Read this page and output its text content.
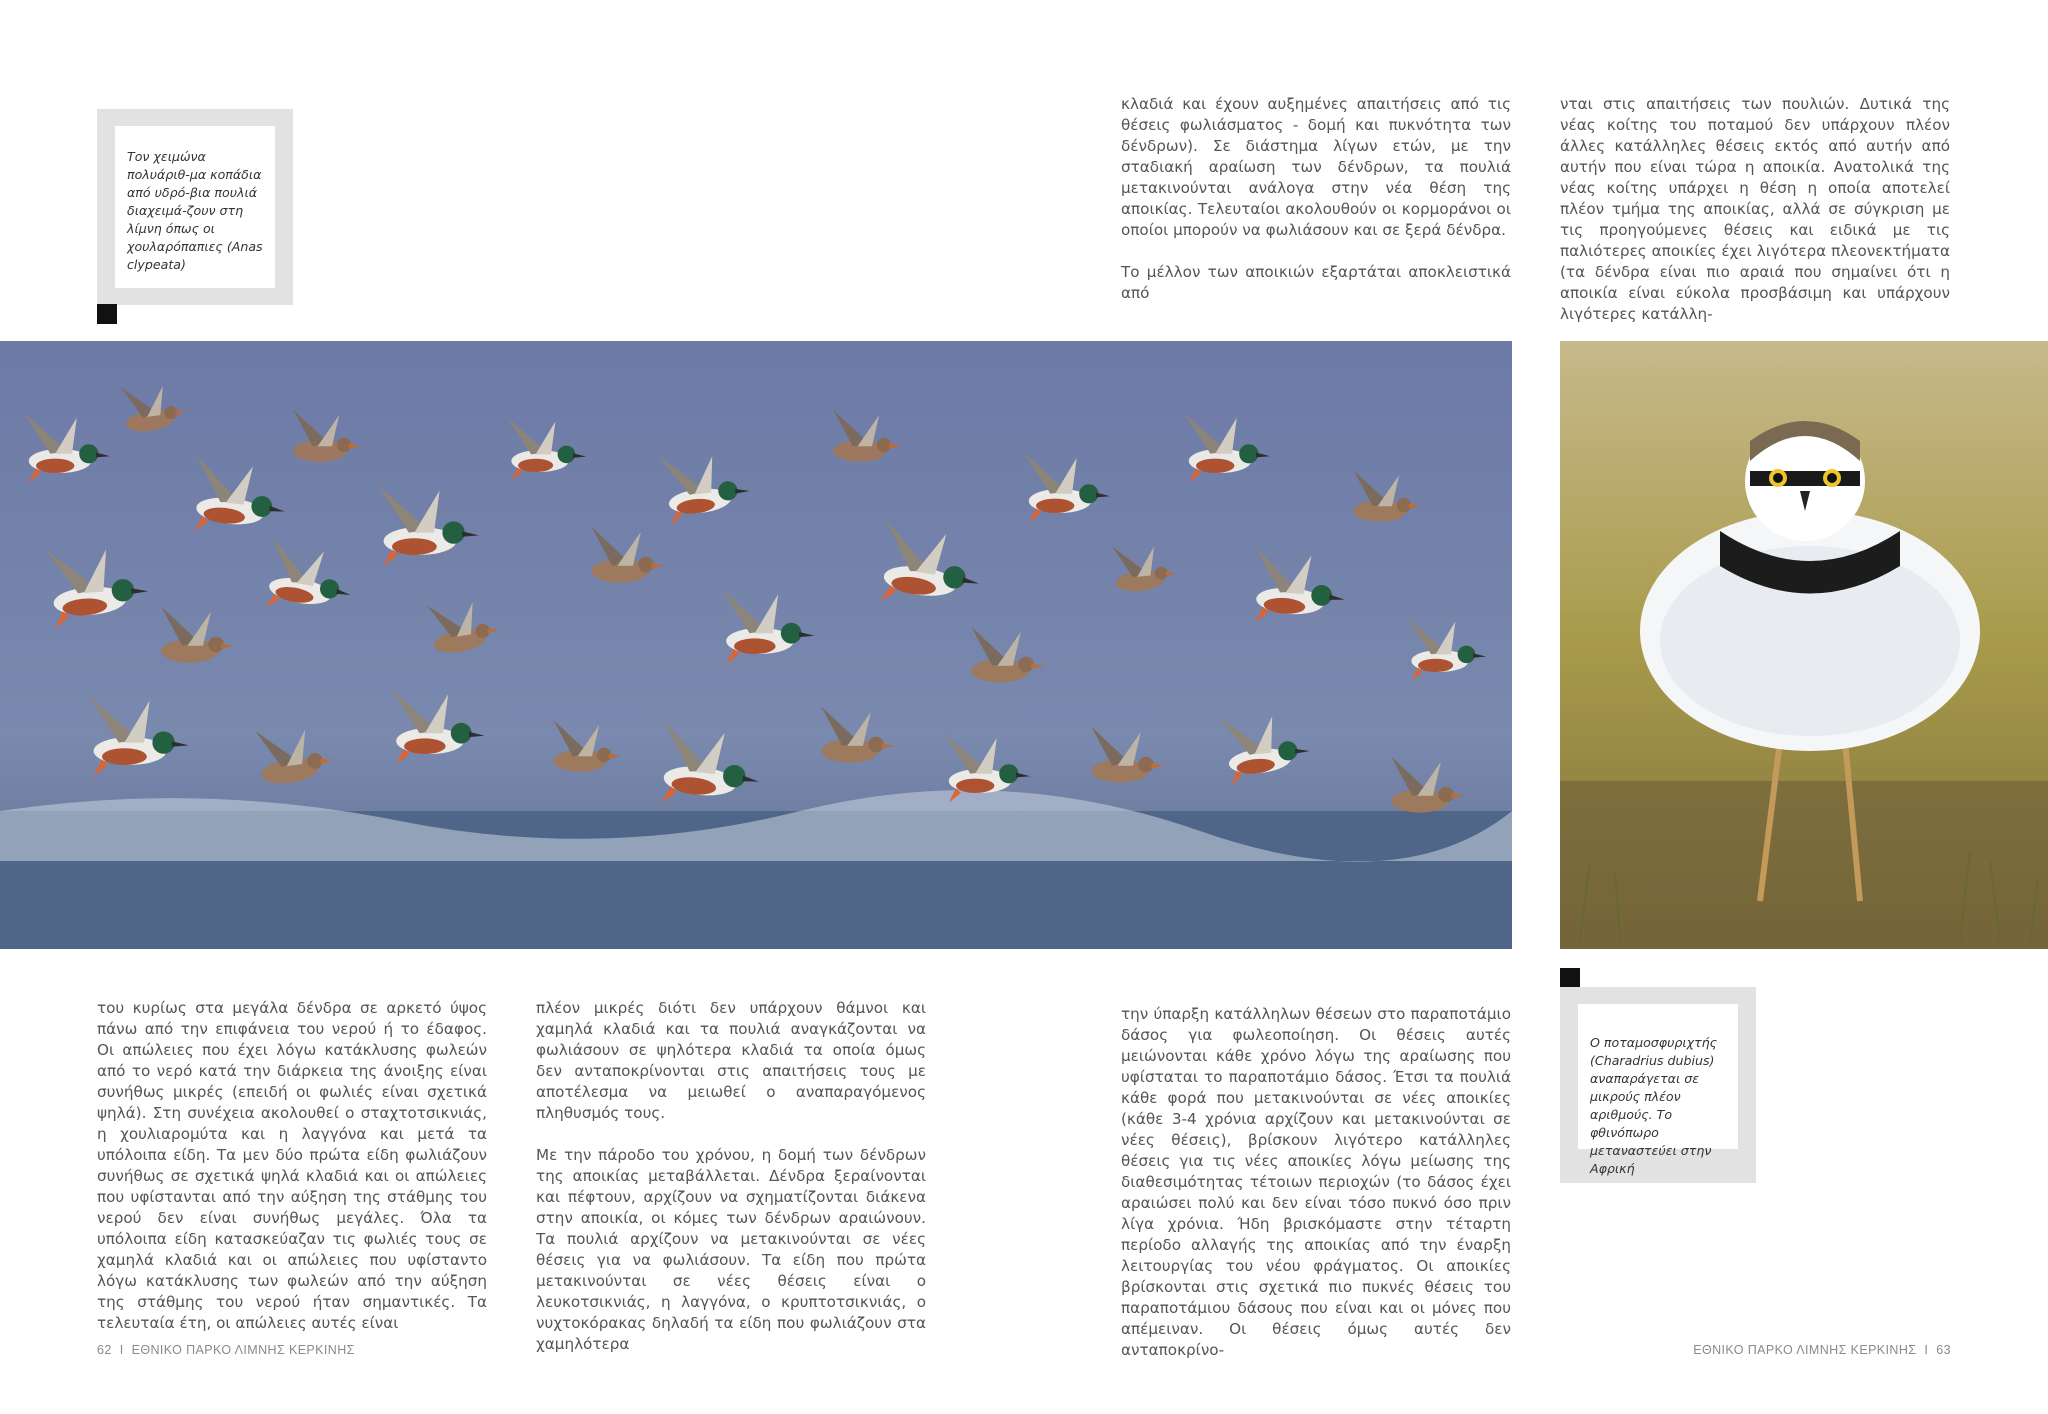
Τον χειμώνα πολυάριθ-μα κοπάδια από υδρό-βια πουλιά διαχειμά-ζουν στη λίμνη όπως οι χουλαρόπαπιες (Anas clypeata)

κλαδιά και έχουν αυξημένες απαιτήσεις από τις θέσεις φωλιάσματος - δομή και πυκνότητα των δένδρων). Σε διάστημα λίγων ετών, με την σταδιακή αραίωση των δένδρων, τα πουλιά μετακινούνται ανάλογα στην νέα θέση της αποικίας. Τελευταίοι ακολουθούν οι κορμοράνοι οι οποίοι μπορούν να φωλιάσουν και σε ξερά δένδρα.

Το μέλλον των αποικιών εξαρτάται αποκλειστικά από

νται στις απαιτήσεις των πουλιών. Δυτικά της νέας κοίτης του ποταμού δεν υπάρχουν πλέον άλλες κατάλληλες θέσεις εκτός από αυτήν από αυτήν που είναι τώρα η αποικία. Ανατολικά της νέας κοίτης υπάρχει η θέση η οποία αποτελεί πλέον τμήμα της αποικίας, αλλά σε σύγκριση με τις προηγούμενες θέσεις και ειδικά με τις παλιότερες αποικίες έχει λιγότερα πλεονεκτήματα (τα δένδρα είναι πιο αραιά που σημαίνει ότι η αποικία είναι εύκολα προσβάσιμη και υπάρχουν λιγότερες κατάλλη-

του κυρίως στα μεγάλα δένδρα σε αρκετό ύψος πάνω από την επιφάνεια του νερού ή το έδαφος. Οι απώλειες που έχει λόγω κατάκλυσης φωλεών από το νερό κατά την διάρκεια της άνοιξης είναι συνήθως μικρές (επειδή οι φωλιές είναι σχετικά ψηλά). Στη συνέχεια ακολουθεί ο σταχτοτσικνιάς, η χουλιαρομύτα και η λαγγόνα και μετά τα υπόλοιπα είδη. Τα μεν δύο πρώτα είδη φωλιάζουν συνήθως σε σχετικά ψηλά κλαδιά και οι απώλειες που υφίστανται από την αύξηση της στάθμης του νερού δεν είναι συνήθως μεγάλες. Όλα τα υπόλοιπα είδη κατασκεύαζαν τις φωλιές τους σε χαμηλά κλαδιά και οι απώλειες που υφίσταντο λόγω κατάκλυσης των φωλεών από την αύξηση της στάθμης του νερού ήταν σημαντικές. Τα τελευταία έτη, οι απώλειες αυτές είναι

πλέον μικρές διότι δεν υπάρχουν θάμνοι και χαμηλά κλαδιά και τα πουλιά αναγκάζονται να φωλιάσουν σε ψηλότερα κλαδιά τα οποία όμως δεν ανταποκρίνονται στις απαιτήσεις τους με αποτέλεσμα να μειωθεί ο αναπαραγόμενος πληθυσμός τους.

Με την πάροδο του χρόνου, η δομή των δένδρων της αποικίας μεταβάλλεται. Δένδρα ξεραίνονται και πέφτουν, αρχίζουν να σχηματίζονται διάκενα στην αποικία, οι κόμες των δένδρων αραιώνουν. Τα πουλιά αρχίζουν να μετακινούνται σε νέες θέσεις για να φωλιάσουν. Τα είδη που πρώτα μετακινούνται σε νέες θέσεις είναι ο λευκοτσικνιάς, η λαγγόνα, ο κρυπτοτσικνιάς, ο νυχτοκόρακας δηλαδή τα είδη που φωλιάζουν στα χαμηλότερα

την ύπαρξη κατάλληλων θέσεων στο παραποτάμιο δάσος για φωλεοποίηση. Οι θέσεις αυτές μειώνονται κάθε χρόνο λόγω της αραίωσης που υφίσταται το παραποτάμιο δάσος. Έτσι τα πουλιά κάθε φορά που μετακινούνται σε νέες αποικίες (κάθε 3-4 χρόνια αρχίζουν και μετακινούνται σε νέες θέσεις), βρίσκουν λιγότερο κατάλληλες θέσεις για τις νέες αποικίες λόγω μείωσης της διαθεσιμότητας τέτοιων περιοχών (το δάσος έχει αραιώσει πολύ και δεν είναι τόσο πυκνό όσο πριν λίγα χρόνια. Ήδη βρισκόμαστε στην τέταρτη περίοδο αλλαγής της αποικίας από την έναρξη λειτουργίας του νέου φράγματος. Οι αποικίες βρίσκονται στις σχετικά πιο πυκνές θέσεις του παραποτάμιου δάσους που είναι και οι μόνες που απέμειναν. Οι θέσεις όμως αυτές δεν ανταποκρίνο-

Ο ποταμοσφυριχτής (Charadrius dubius) αναπαράγεται σε μικρούς πλέον αριθμούς. Το φθινόπωρο μεταναστεύει στην Αφρική
62 I ΕΘΝΙΚΟ ΠΑΡΚΟ ΛΙΜΝΗΣ ΚΕΡΚΙΝΗΣ	ΕΘΝΙΚΟ ΠΑΡΚΟ ΛΙΜΝΗΣ ΚΕΡΚΙΝΗΣ I 63
